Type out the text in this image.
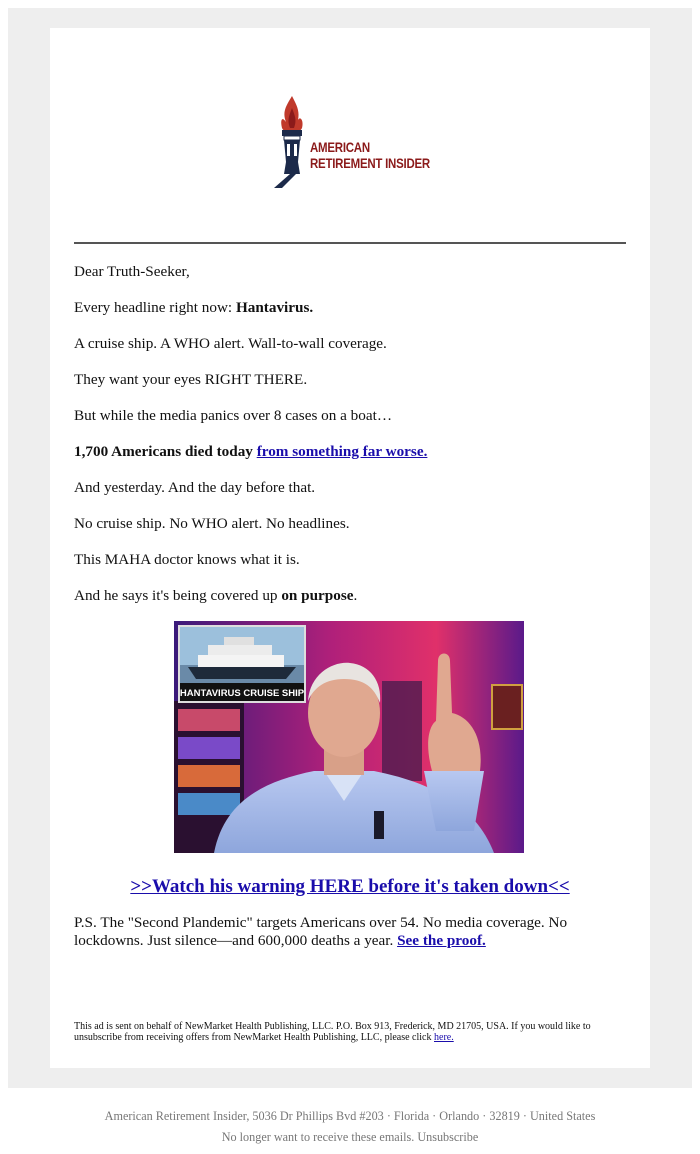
AMERICAN
RETIREMENT INSIDER

Dear Truth-Seeker,

Every headline right now: Hantavirus.

A cruise ship. A WHO alert. Wall-to-wall coverage.

They want your eyes RIGHT THERE.

But while the media panics over 8 cases on a boat…

1,700 Americans died today from something far worse.

And yesterday. And the day before that.

No cruise ship. No WHO alert. No headlines.

This MAHA doctor knows what it is.

And he says it's being covered up on purpose.

HANTAVIRUS CRUISE SHIP
>>Watch his warning HERE before it's taken down<<

P.S. The "Second Plandemic" targets Americans over 54. No media coverage. No lockdowns. Just silence—and 600,000 deaths a year. See the proof.

This ad is sent on behalf of NewMarket Health Publishing, LLC. P.O. Box 913, Frederick, MD 21705, USA. If you would like to unsubscribe from receiving offers from NewMarket Health Publishing, LLC, please click here.

American Retirement Insider, 5036 Dr Phillips Bvd #203 · Florida · Orlando · 32819 · United States
No longer want to receive these emails. Unsubscribe
